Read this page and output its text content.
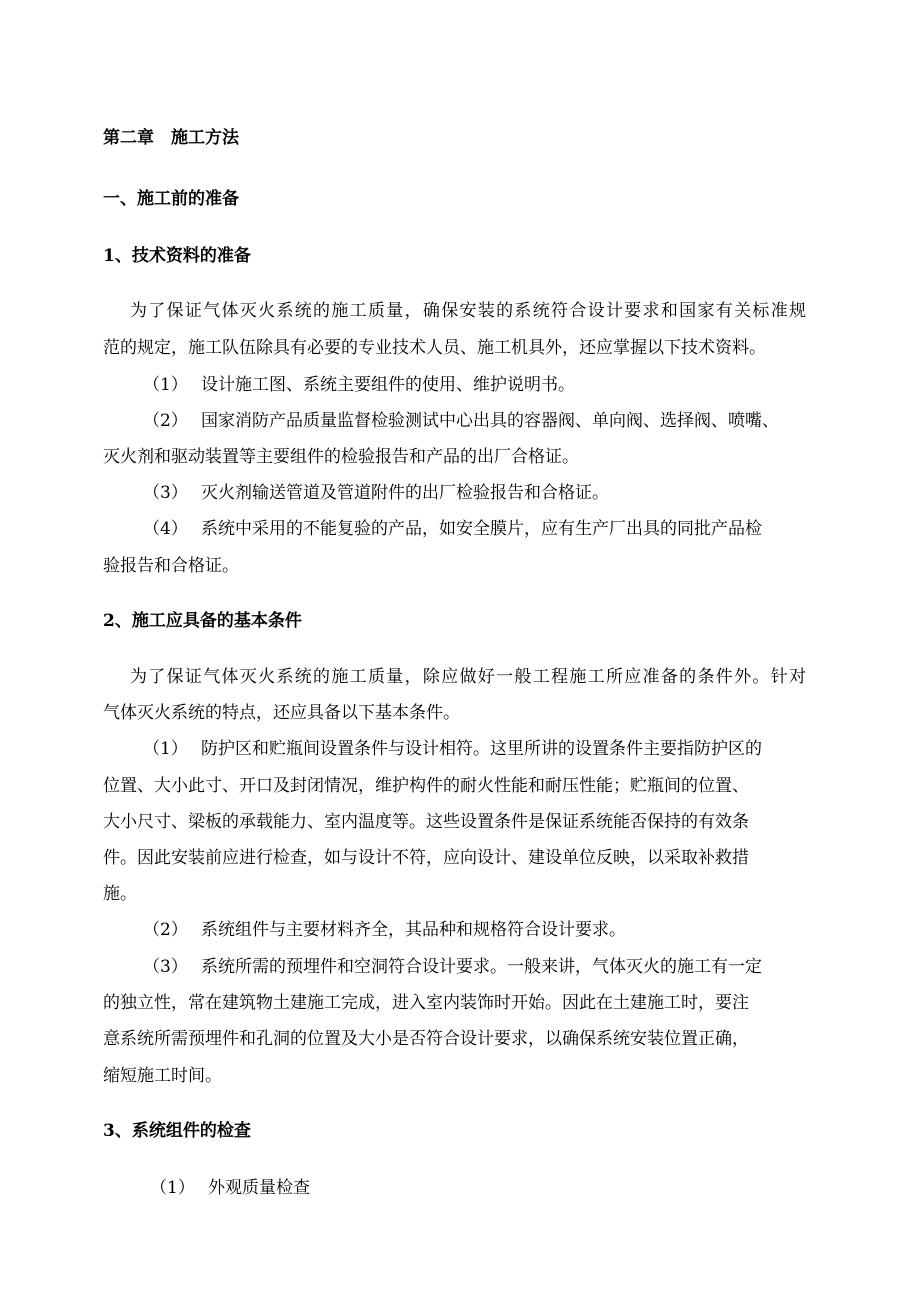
第二章　施工方法

一、施工前的准备

1、技术资料的准备

为了保证气体灭火系统的施工质量，确保安装的系统符合设计要求和国家有关标准规

范的规定，施工队伍除具有必要的专业技术人员、施工机具外，还应掌握以下技术资料。

（1） 设计施工图、系统主要组件的使用、维护说明书。

（2） 国家消防产品质量监督检验测试中心出具的容器阀、单向阀、选择阀、喷嘴、

灭火剂和驱动装置等主要组件的检验报告和产品的出厂合格证。

（3） 灭火剂输送管道及管道附件的出厂检验报告和合格证。

（4） 系统中采用的不能复验的产品，如安全膜片，应有生产厂出具的同批产品检

验报告和合格证。

2、施工应具备的基本条件

为了保证气体灭火系统的施工质量，除应做好一般工程施工所应准备的条件外。针对

气体灭火系统的特点，还应具备以下基本条件。

（1） 防护区和贮瓶间设置条件与设计相符。这里所讲的设置条件主要指防护区的

位置、大小此寸、开口及封闭情况，维护构件的耐火性能和耐压性能；贮瓶间的位置、

大小尺寸、梁板的承载能力、室内温度等。这些设置条件是保证系统能否保持的有效条

件。因此安装前应进行检查，如与设计不符，应向设计、建设单位反映，以采取补救措

施。

（2） 系统组件与主要材料齐全，其品种和规格符合设计要求。

（3） 系统所需的预埋件和空洞符合设计要求。一般来讲，气体灭火的施工有一定

的独立性，常在建筑物土建施工完成，进入室内装饰时开始。因此在土建施工时，要注

意系统所需预埋件和孔洞的位置及大小是否符合设计要求，以确保系统安装位置正确，

缩短施工时间。

3、系统组件的检查

（1） 外观质量检查
